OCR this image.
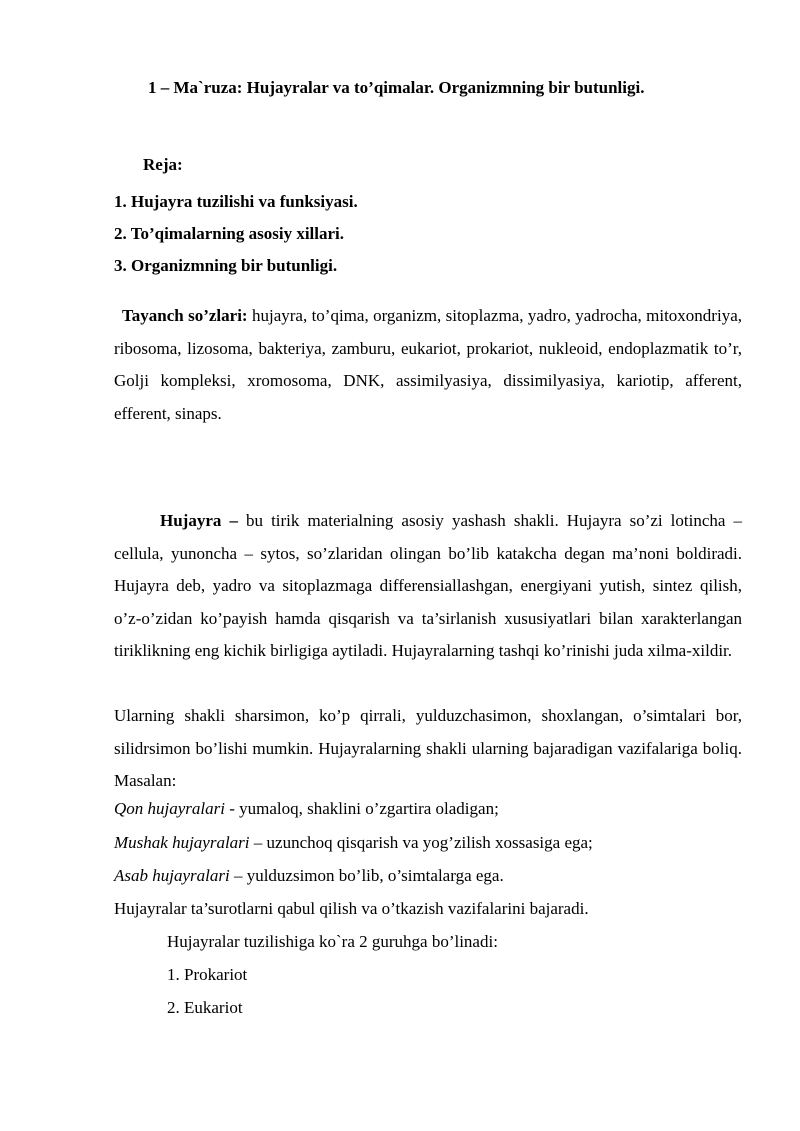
1 – Ma`ruza: Hujayralar va to’qimalar. Organizmning bir butunligi.
Reja:
1. Hujayra tuzilishi va funksiyasi.
2. To’qimalarning asosiy xillari.
3. Organizmning bir butunligi.
Tayanch so’zlari: hujayra, to’qima, organizm, sitoplazma, yadro, yadrocha, mitoxondriya, ribosoma, lizosoma, bakteriya, zamburu, eukariot, prokariot, nukleoid, endoplazmatik to’r, Golji kompleksi, xromosoma, DNK, assimilyasiya, dissimilyasiya, kariotip, afferent, efferent, sinaps.
Hujayra – bu tirik materialning asosiy yashash shakli. Hujayra so’zi lotincha – cellula, yunoncha – sytos, so’zlaridan olingan bo’lib katakcha degan ma’noni boldiradi. Hujayra deb, yadro va sitoplazmaga differensiallashgan, energiyani yutish, sintez qilish, o’z-o’zidan ko’payish hamda qisqarish va ta’sirlanish xususiyatlari bilan xarakterlangan tiriklikning eng kichik birligiga aytiladi. Hujayralarning tashqi ko’rinishi juda xilma-xildir.
Ularning shakli sharsimon, ko’p qirrali, yulduzchasimon, shoxlangan, o’simtalari bor, silidrsimon bo’lishi mumkin. Hujayralarning shakli ularning bajaradigan vazifalariga boliq. Masalan:
Qon hujayralari - yumaloq, shaklini o’zgartira oladigan;
Mushak hujayralari – uzunchoq qisqarish va yog’zilish xossasiga ega;
Asab hujayralari – yulduzsimon bo’lib, o’simtalarga ega.
Hujayralar ta’surotlarni qabul qilish va o’tkazish vazifalarini bajaradi.
Hujayralar tuzilishiga ko`ra 2 guruhga bo’linadi:
1. Prokariot
2. Eukariot
